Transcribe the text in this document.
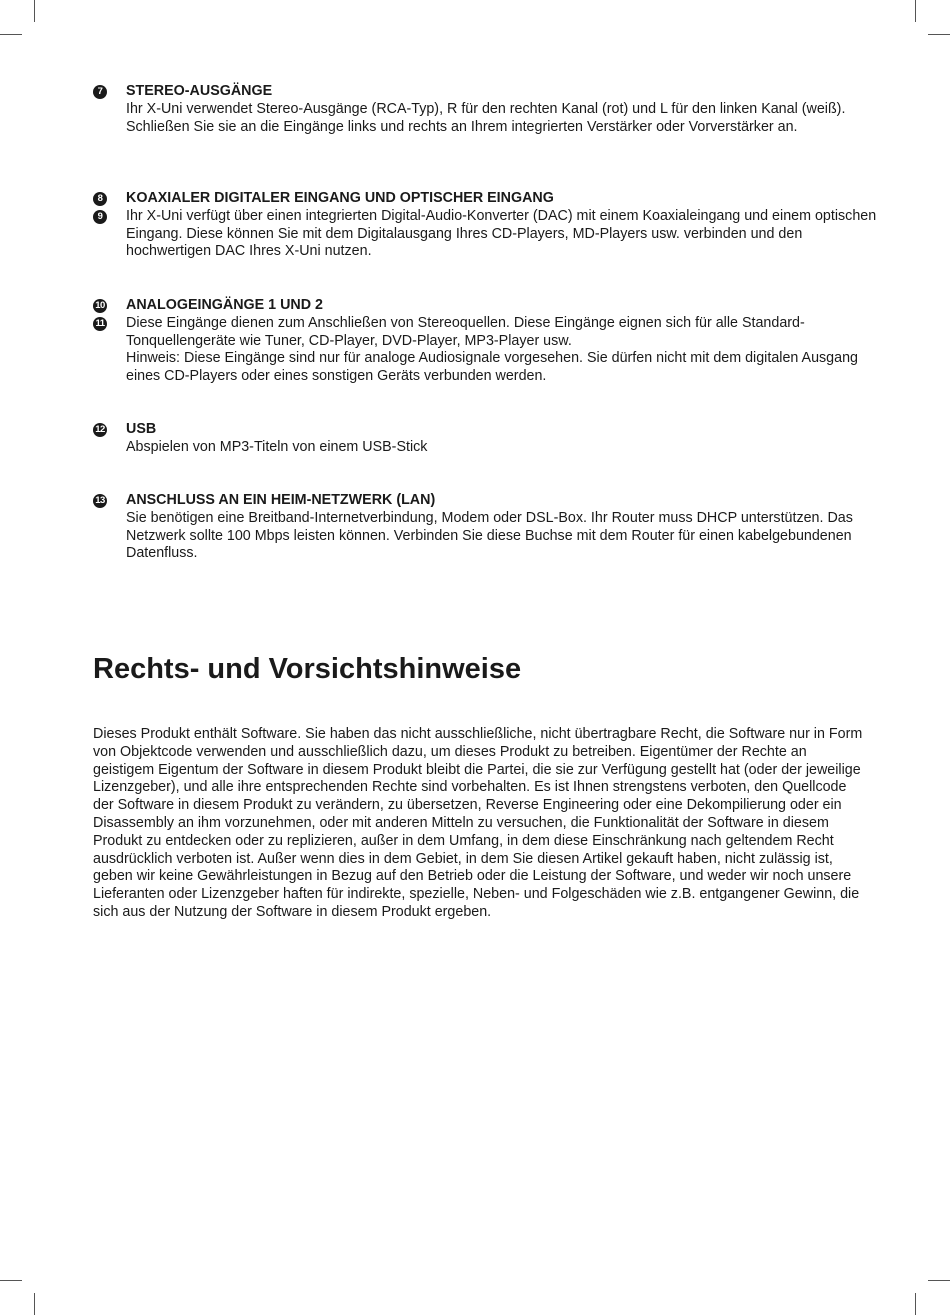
7	STEREO-AUSGÄNGE
Ihr X-Uni verwendet Stereo-Ausgänge (RCA-Typ), R für den rechten Kanal (rot) und L für den linken Kanal (weiß). Schließen Sie sie an die Eingänge links und rechts an Ihrem integrierten Verstärker oder Vorverstärker an.
8
9
KOAXIALER DIGITALER EINGANG UND OPTISCHER EINGANG
Ihr X-Uni verfügt über einen integrierten Digital-Audio-Konverter (DAC) mit einem Koaxialeingang und einem optischen Eingang. Diese können Sie mit dem Digitalausgang Ihres CD-Players, MD-Players usw. verbinden und den hochwertigen DAC Ihres X-Uni nutzen.
10
11
ANALOGEINGÄNGE 1 UND 2
Diese Eingänge dienen zum Anschließen von Stereoquellen. Diese Eingänge eignen sich für alle Standard-Tonquellengeräte wie Tuner, CD-Player, DVD-Player, MP3-Player usw.
Hinweis: Diese Eingänge sind nur für analoge Audiosignale vorgesehen. Sie dürfen nicht mit dem digitalen Ausgang eines CD-Players oder eines sonstigen Geräts verbunden werden.
12 USB
Abspielen von MP3-Titeln von einem USB-Stick
13 ANSCHLUSS AN EIN HEIM-NETZWERK (LAN)
Sie benötigen eine Breitband-Internetverbindung, Modem oder DSL-Box. Ihr Router muss DHCP unterstützen. Das Netzwerk sollte 100 Mbps leisten können. Verbinden Sie diese Buchse mit dem Router für einen kabelgebundenen Datenfluss.
Rechts- und Vorsichtshinweise

Dieses Produkt enthält Software. Sie haben das nicht ausschließliche, nicht übertragbare Recht, die Software nur in Form von Objektcode verwenden und ausschließlich dazu, um dieses Produkt zu betreiben. Eigentümer der Rechte an geistigem Eigentum der Software in diesem Produkt bleibt die Partei, die sie zur Verfügung gestellt hat (oder der jeweilige Lizenzgeber), und alle ihre entsprechenden Rechte sind vorbehalten. Es ist Ihnen strengstens verboten, den Quellcode der Software in diesem Produkt zu verändern, zu übersetzen, Reverse Engineering oder eine Dekompilierung oder ein Disassembly an ihm vorzunehmen, oder mit anderen Mitteln zu versuchen, die Funktionalität der Software in diesem Produkt zu entdecken oder zu replizieren, außer in dem Umfang, in dem diese Einschränkung nach geltendem Recht ausdrücklich verboten ist. Außer wenn dies in dem Gebiet, in dem Sie diesen Artikel gekauft haben, nicht zulässig ist, geben wir keine Gewährleistungen in Bezug auf den Betrieb oder die Leistung der Software, und weder wir noch unsere Lieferanten oder Lizenzgeber haften für indirekte, spezielle, Neben- und Folgeschäden wie z.B. entgangener Gewinn, die sich aus der Nutzung der Software in diesem Produkt ergeben.
